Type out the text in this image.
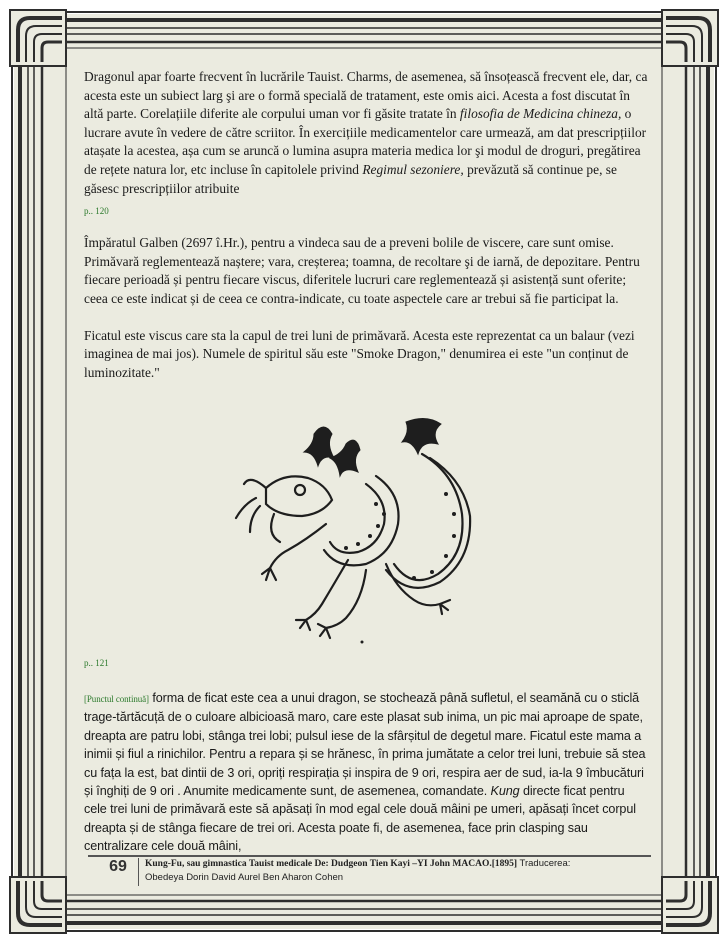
Dragonul apar foarte frecvent în lucrările Tauist. Charms, de asemenea, să însoțească frecvent ele, dar, ca acesta este un subiect larg şi are o formă specială de tratament, este omis aici. Acesta a fost discutat în altă parte. Corelațiile diferite ale corpului uman vor fi găsite tratate în filosofia de Medicina chineza, o lucrare avute în vedere de către scriitor. În exercițiile medicamentelor care urmează, am dat prescripțiilor atașate la acestea, așa cum se aruncă o lumina asupra materia medica lor şi modul de droguri, pregătirea de rețete natura lor, etc incluse în capitolele privind Regimul sezoniere, prevăzută să continue pe, se găsesc prescripțiilor atribuite

p.. 120

Împăratul Galben (2697 î.Hr.), pentru a vindeca sau de a preveni bolile de viscere, care sunt omise. Primăvară reglementează naștere; vara, creșterea; toamna, de recoltare şi de iarnă, de depozitare. Pentru fiecare perioadă și pentru fiecare viscus, diferitele lucruri care reglementează și asistență sunt oferite; ceea ce este indicat și de ceea ce contra-indicate, cu toate aspectele care ar trebui să fie participat la.

Ficatul este viscus care sta la capul de trei luni de primăvară. Acesta este reprezentat ca un balaur (vezi imaginea de mai jos). Numele de spiritul său este "Smoke Dragon," denumirea ei este "un conținut de luminozitate."

p.. 121

[Punctul continuă] forma de ficat este cea a unui dragon, se stochează până sufletul, el seamănă cu o sticlă trage-tărtăcuță de o culoare albicioasă maro, care este plasat sub inima, un pic mai aproape de spate, dreapta are patru lobi, stânga trei lobi; pulsul iese de la sfârșitul de degetul mare. Ficatul este mama a inimii și fiul a rinichilor. Pentru a repara și se hrănesc, în prima jumătate a celor trei luni, trebuie să stea cu fața la est, bat dintii de 3 ori, opriți respirația și inspira de 9 ori, respira aer de sud, ia-la 9 îmbucături și înghiți de 9 ori . Anumite medicamente sunt, de asemenea, comandate. Kung directe ficat pentru cele trei luni de primăvară este să apăsați în mod egal cele două mâini pe umeri, apăsați încet corpul dreapta și de stânga fiecare de trei ori. Acesta poate fi, de asemenea, face prin clasping sau centralizare cele două mâini,

69	Kung-Fu, sau gimnastica Tauist medicale De: Dudgeon Tien Kayi –YI John MACAO.[1895] Traducerea:
Obedeya Dorin David Aurel Ben Aharon Cohen
